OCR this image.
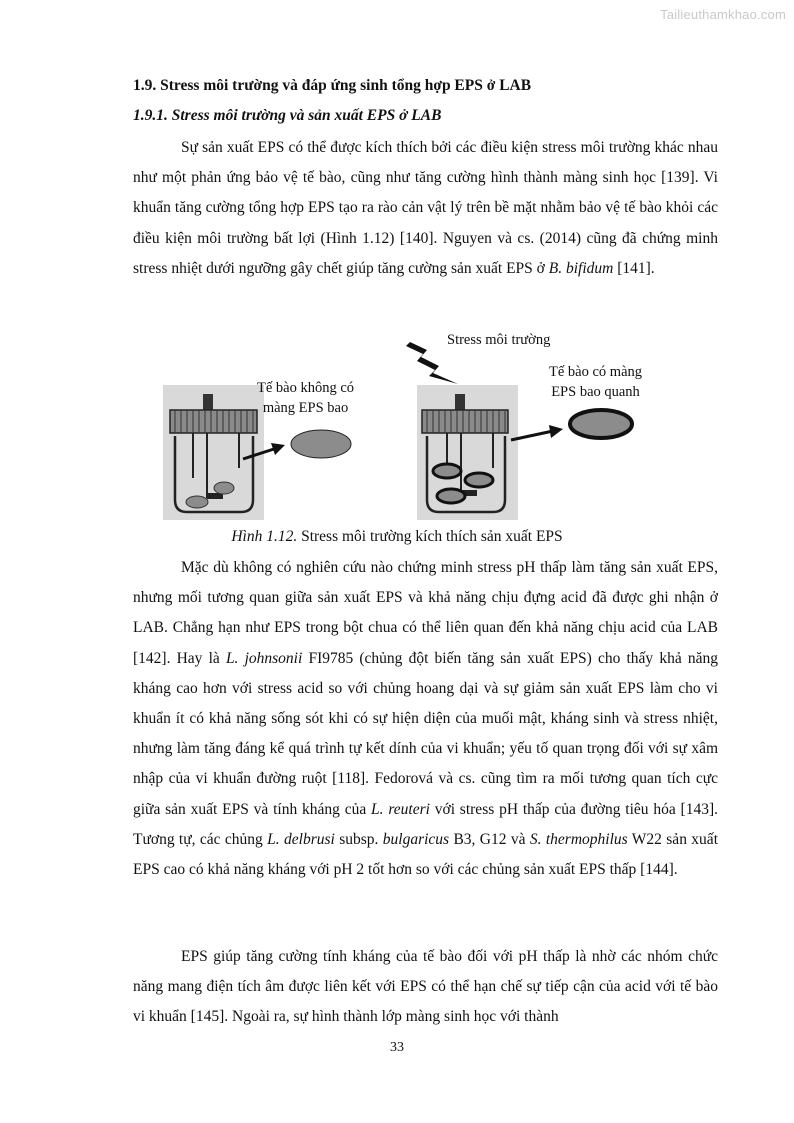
Tailieuthamkhao.com
1.9. Stress môi trường và đáp ứng sinh tổng hợp EPS ở LAB
1.9.1. Stress môi trường và sản xuất EPS ở LAB

Sự sản xuất EPS có thể được kích thích bởi các điều kiện stress môi trường khác nhau như một phản ứng bảo vệ tế bào, cũng như tăng cường hình thành màng sinh học [139]. Vi khuẩn tăng cường tổng hợp EPS tạo ra rào cản vật lý trên bề mặt nhằm bảo vệ tế bào khỏi các điều kiện môi trường bất lợi (Hình 1.12) [140]. Nguyen và cs. (2014) cũng đã chứng minh stress nhiệt dưới ngưỡng gây chết giúp tăng cường sản xuất EPS ở B. bifidum [141].

Mặc dù không có nghiên cứu nào chứng minh stress pH thấp làm tăng sản xuất EPS, nhưng mối tương quan giữa sản xuất EPS và khả năng chịu đựng acid đã được ghi nhận ở LAB. Chẳng hạn như EPS trong bột chua có thể liên quan đến khả năng chịu acid của LAB [142]. Hay là L. johnsonii FI9785 (chủng đột biến tăng sản xuất EPS) cho thấy khả năng kháng cao hơn với stress acid so với chủng hoang dại và sự giảm sản xuất EPS làm cho vi khuẩn ít có khả năng sống sót khi có sự hiện diện của muối mật, kháng sinh và stress nhiệt, nhưng làm tăng đáng kể quá trình tự kết dính của vi khuẩn; yếu tố quan trọng đối với sự xâm nhập của vi khuẩn đường ruột [118]. Fedorová và cs. cũng tìm ra mối tương quan tích cực giữa sản xuất EPS và tính kháng của L. reuteri với stress pH thấp của đường tiêu hóa [143]. Tương tự, các chủng L. delbrusi subsp. bulgaricus B3, G12 và S. thermophilus W22 sản xuất EPS cao có khả năng kháng với pH 2 tốt hơn so với các chủng sản xuất EPS thấp [144].

EPS giúp tăng cường tính kháng của tế bào đối với pH thấp là nhờ các nhóm chức năng mang điện tích âm được liên kết với EPS có thể hạn chế sự tiếp cận của acid với tế bào vi khuẩn [145]. Ngoài ra, sự hình thành lớp màng sinh học với thành

Stress môi trường
Tế bào không có
màng EPS bao
Tế bào có màng
EPS bao quanh
Hình 1.12. Stress môi trường kích thích sản xuất EPS
33
